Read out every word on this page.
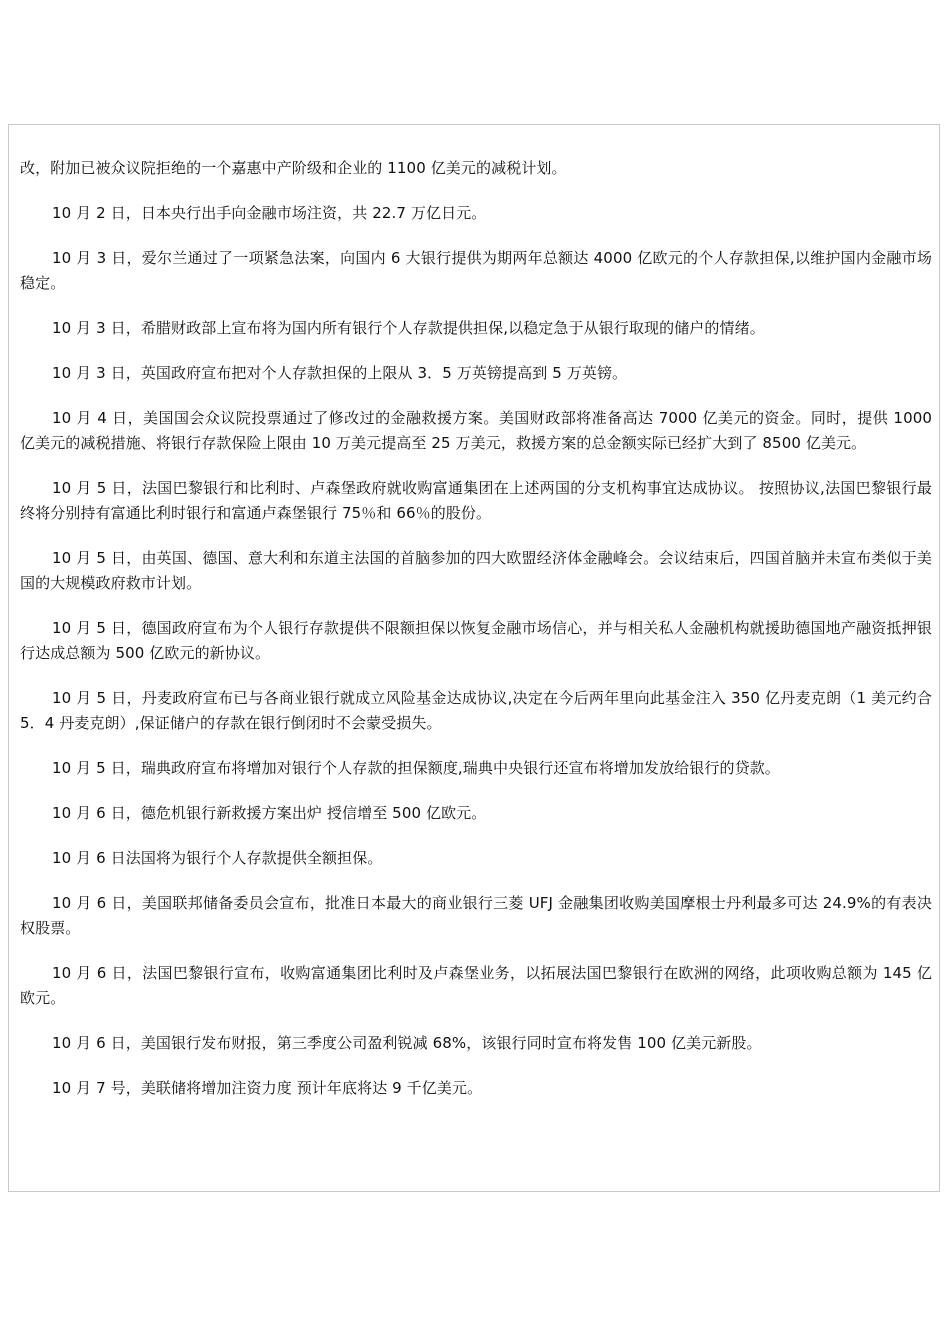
改，附加已被众议院拒绝的一个嘉惠中产阶级和企业的 1100 亿美元的减税计划。

10 月 2 日，日本央行出手向金融市场注资，共 22.7 万亿日元。

10 月 3 日，爱尔兰通过了一项紧急法案，向国内 6 大银行提供为期两年总额达 4000 亿欧元的个人存款担保,以维护国内金融市场稳定。

10 月 3 日，希腊财政部上宣布将为国内所有银行个人存款提供担保,以稳定急于从银行取现的储户的情绪。

10 月 3 日，英国政府宣布把对个人存款担保的上限从 3．5 万英镑提高到 5 万英镑。

10 月 4 日，美国国会众议院投票通过了修改过的金融救援方案。美国财政部将准备高达 7000 亿美元的资金。同时，提供 1000 亿美元的减税措施、将银行存款保险上限由 10 万美元提高至 25 万美元，救援方案的总金额实际已经扩大到了 8500 亿美元。

10 月 5 日，法国巴黎银行和比利时、卢森堡政府就收购富通集团在上述两国的分支机构事宜达成协议。 按照协议,法国巴黎银行最终将分别持有富通比利时银行和富通卢森堡银行 75％和 66％的股份。

10 月 5 日，由英国、德国、意大利和东道主法国的首脑参加的四大欧盟经济体金融峰会。会议结束后，四国首脑并未宣布类似于美国的大规模政府救市计划。

10 月 5 日，德国政府宣布为个人银行存款提供不限额担保以恢复金融市场信心，并与相关私人金融机构就援助德国地产融资抵押银行达成总额为 500 亿欧元的新协议。

10 月 5 日，丹麦政府宣布已与各商业银行就成立风险基金达成协议,决定在今后两年里向此基金注入 350 亿丹麦克朗（1 美元约合 5．4 丹麦克朗）,保证储户的存款在银行倒闭时不会蒙受损失。

10 月 5 日，瑞典政府宣布将增加对银行个人存款的担保额度,瑞典中央银行还宣布将增加发放给银行的贷款。

10 月 6 日，德危机银行新救援方案出炉 授信增至 500 亿欧元。

10 月 6 日法国将为银行个人存款提供全额担保。

10 月 6 日，美国联邦储备委员会宣布，批准日本最大的商业银行三菱 UFJ 金融集团收购美国摩根士丹利最多可达 24.9%的有表决权股票。

10 月 6 日，法国巴黎银行宣布，收购富通集团比利时及卢森堡业务，以拓展法国巴黎银行在欧洲的网络，此项收购总额为 145 亿欧元。

10 月 6 日，美国银行发布财报，第三季度公司盈利锐减 68%，该银行同时宣布将发售 100 亿美元新股。

10 月 7 号，美联储将增加注资力度 预计年底将达 9 千亿美元。
